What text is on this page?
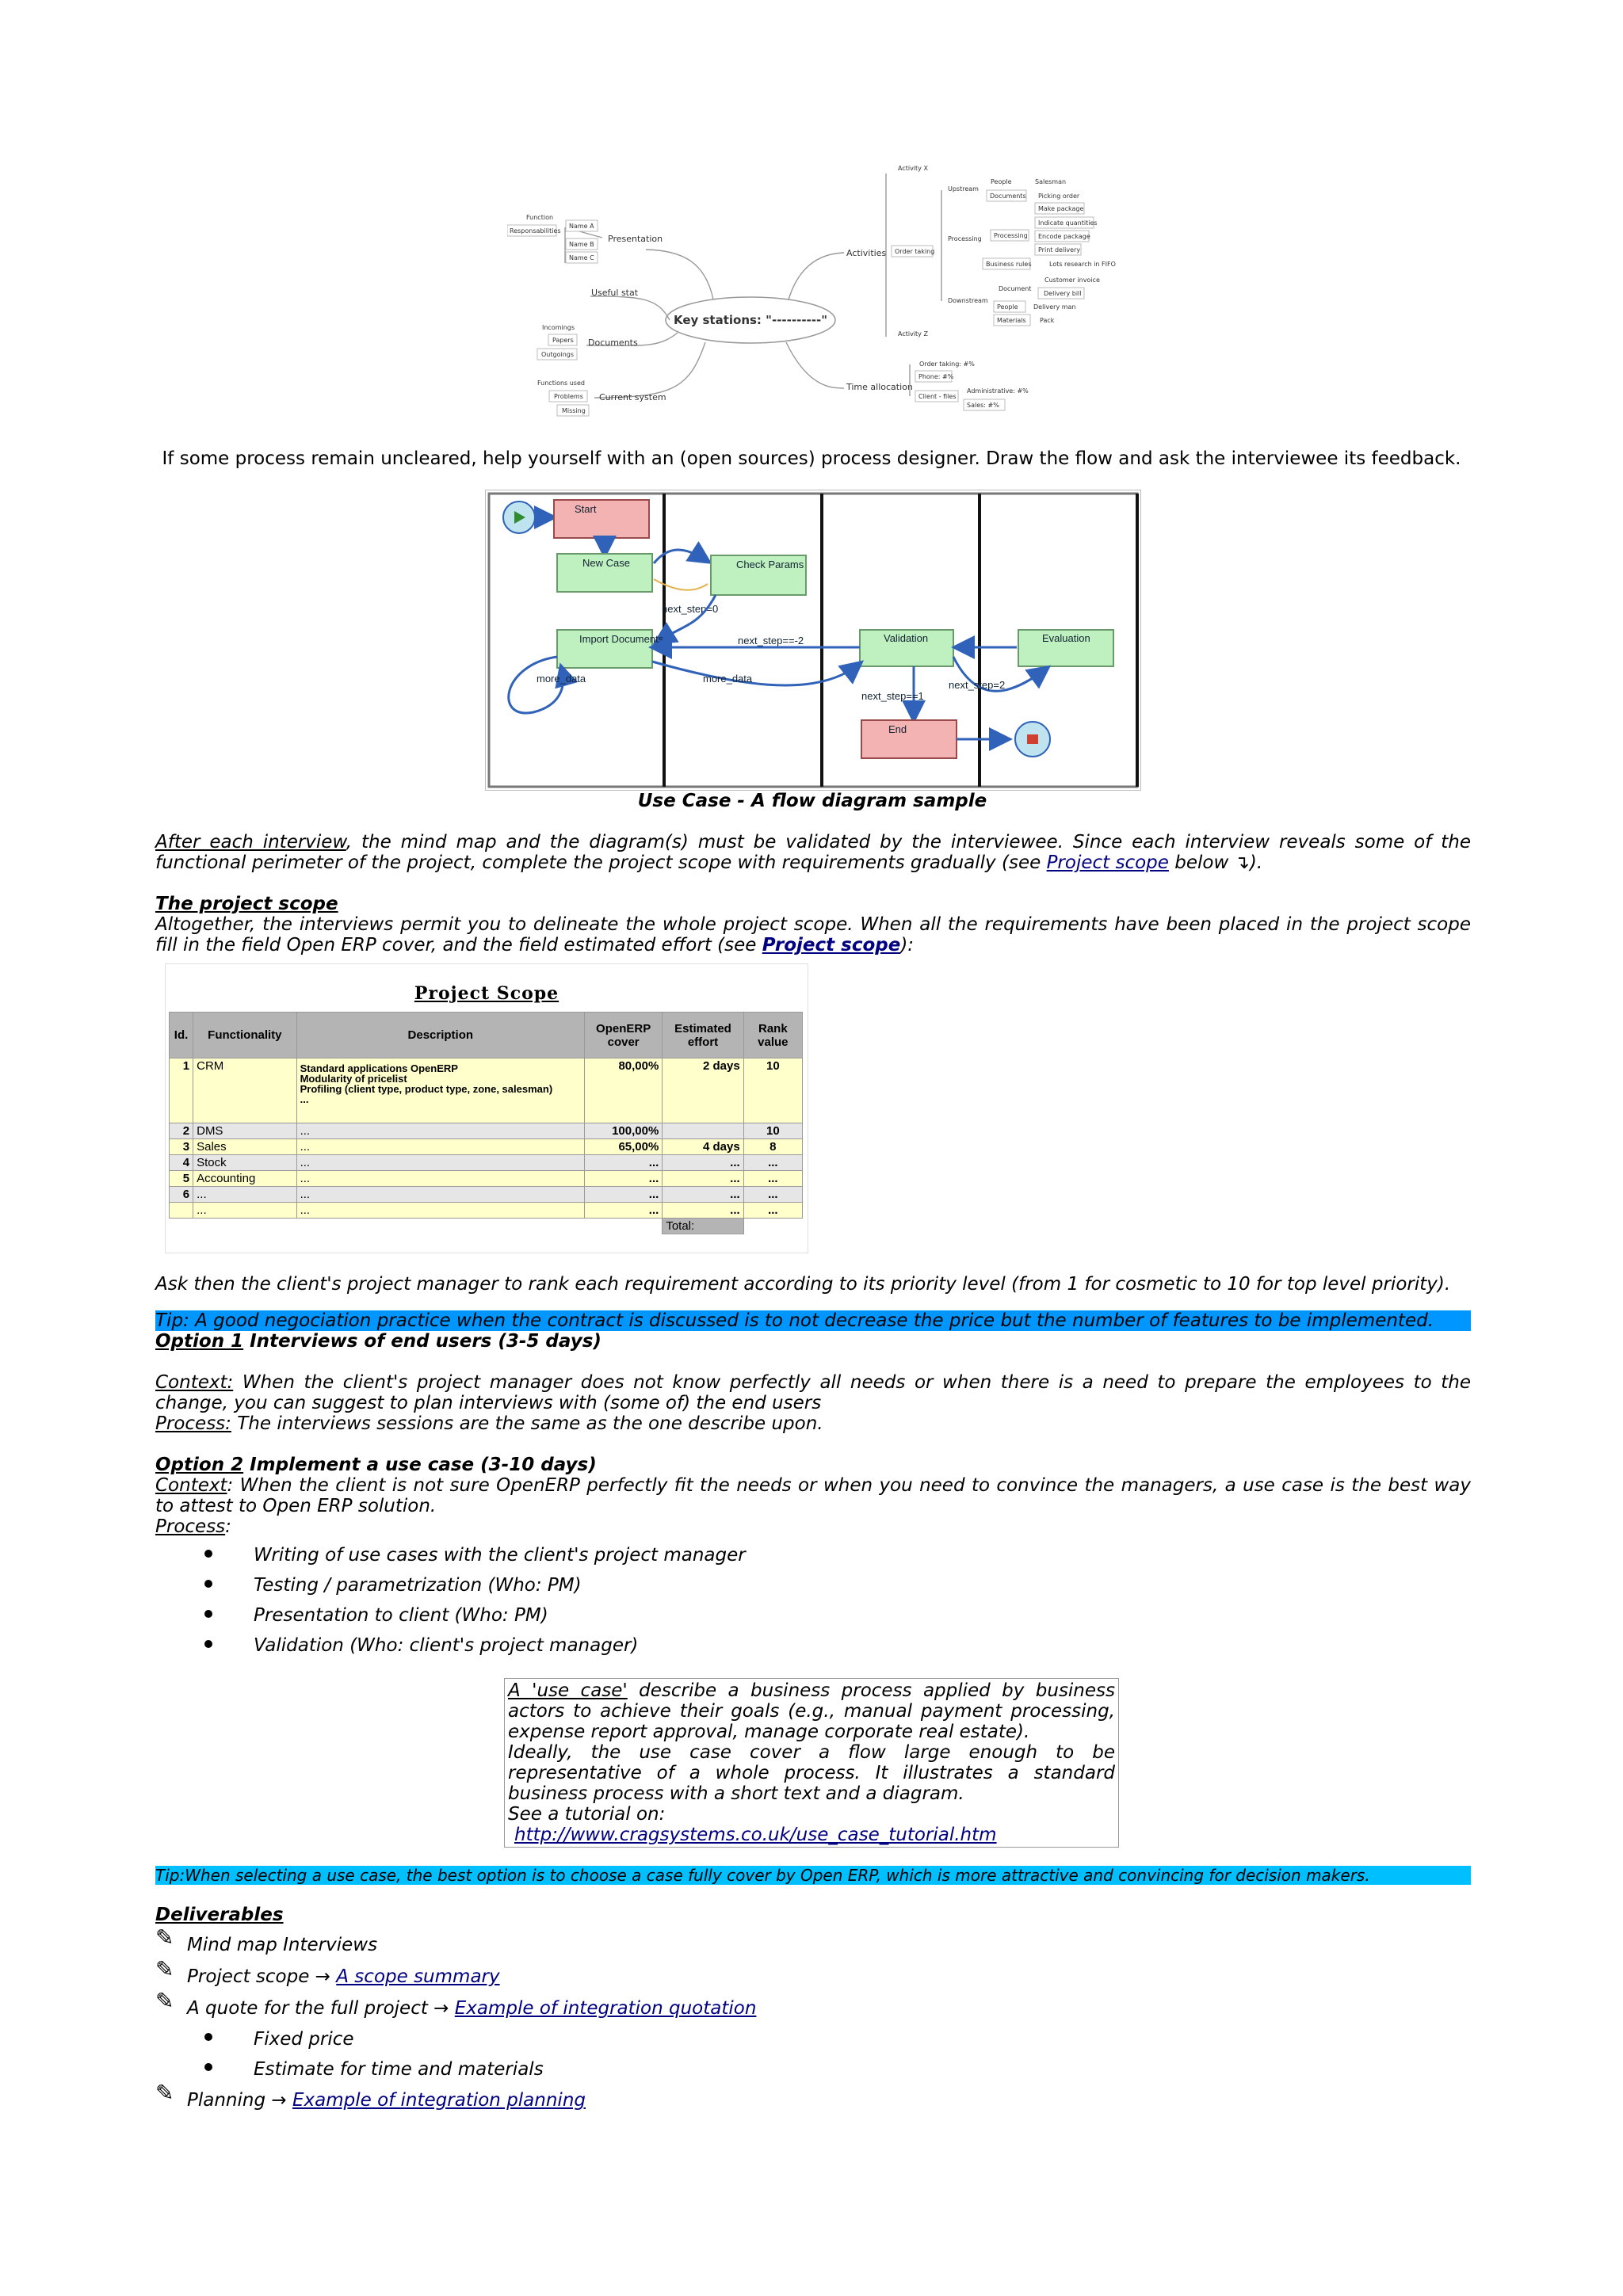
Key stations: "----------"
Presentation
Name A
Name B
Name C
Function
Responsabilities
Useful stat
Documents
Incomings
Papers
Outgoings
Current system
Functions used
Problems
Missing
Activities
Activity X
Activity Z
Order taking
Upstream
Processing
Downstream
People	Salesman
Documents Picking order
Processing
Make package
Indicate quantities
Encode package
Print delivery
Business rules	Lots research in FIFO
Document
Customer invoice
Delivery bill
People Delivery man
Materials Pack
Time allocation
Order taking: #%
Phone: #%
Client - files
Administrative: #%
Sales: #%
If some process remain uncleared, help yourself with an (open sources) process designer. Draw the flow and ask the interviewee its feedback.
Start
New Case	Check Params
next_step=0
Import Documents	Validation	Evaluation
next_step==-2
more_data
more_data
next_step==1
next_step=2
End
Use Case - A flow diagram sample
After each interview, the mind map and the diagram(s) must be validated by the interviewee. Since each interview reveals some of the functional perimeter of the project, complete the project scope with requirements gradually (see Project scope below ↴).
The project scope
Altogether, the interviews permit you to delineate the whole project scope. When all the requirements have been placed in the project scope fill in the field Open ERP cover, and the field estimated effort (see Project scope):
Project Scope
Id.	Functionality	Description	OpenERP cover	Estimated effort	Rank value
1	CRM	Standard applications OpenERP
Modularity of pricelist
Profiling (client type, product type, zone, salesman)
...	80,00%	2 days	10
2	DMS	...	100,00%		10
3	Sales	...	65,00%	4 days	8
4	Stock	...	...	...	...
5	Accounting	...	...	...	...
6	...	...	...	...	...
	...	...	...	...	...
				Total:	
Ask then the client's project manager to rank each requirement according to its priority level (from 1 for cosmetic to 10 for top level priority).
Tip: A good negociation practice when the contract is discussed is to not decrease the price but the number of features to be implemented.
Option 1 Interviews of end users (3-5 days)
Context: When the client's project manager does not know perfectly all needs or when there is a need to prepare the employees to the change, you can suggest to plan interviews with (some of) the end users
Process: The interviews sessions are the same as the one describe upon.
Option 2 Implement a use case (3-10 days)
Context: When the client is not sure OpenERP perfectly fit the needs or when you need to convince the managers, a use case is the best way to attest to Open ERP solution.
Process:
Writing of use cases with the client's project manager
Testing / parametrization (Who: PM)
Presentation to client (Who: PM)
Validation (Who: client's project manager)
A 'use case' describe a business process applied by business actors to achieve their goals (e.g., manual payment processing, expense report approval, manage corporate real estate).
Ideally, the use case cover a flow large enough to be representative of a whole process. It illustrates a standard business process with a short text and a diagram.
See a tutorial on:
http://www.cragsystems.co.uk/use_case_tutorial.htm
Tip:When selecting a use case, the best option is to choose a case fully cover by Open ERP, which is more attractive and convincing for decision makers.
Deliverables
✎ Mind map Interviews
✎ Project scope → A scope summary
✎ A quote for the full project → Example of integration quotation
Fixed price
Estimate for time and materials
✎ Planning → Example of integration planning
